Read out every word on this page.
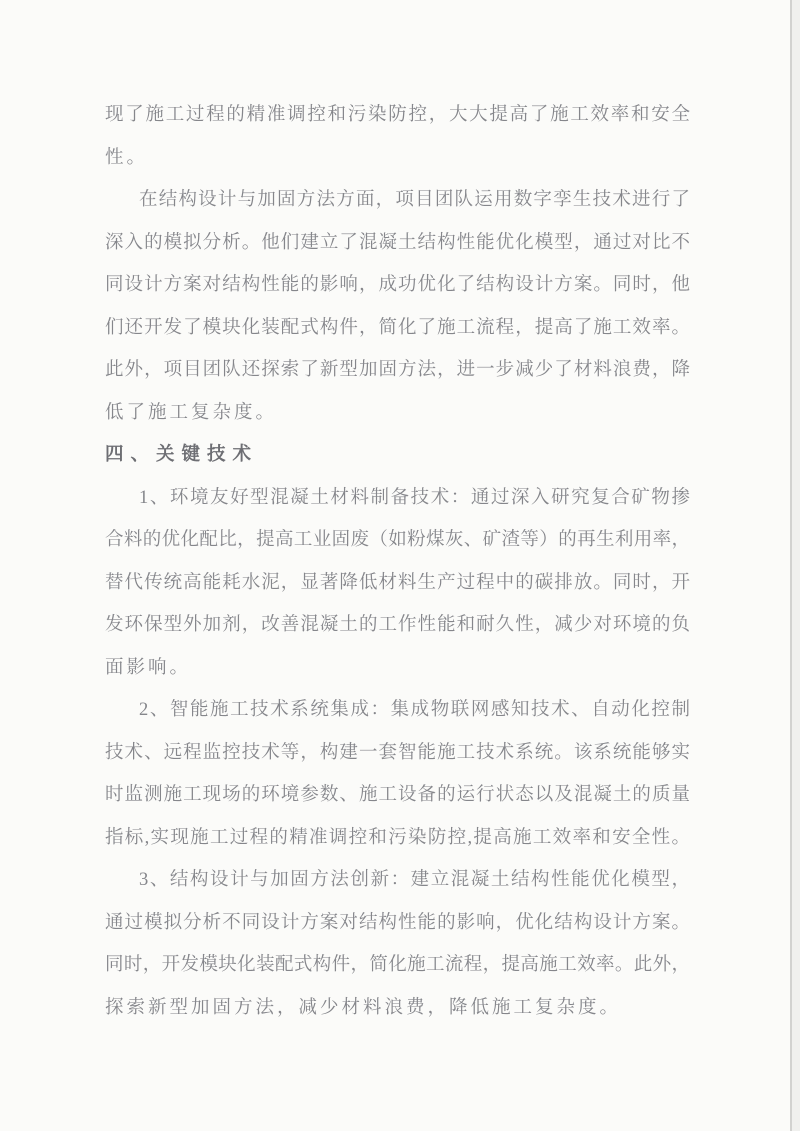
现了施工过程的精准调控和污染防控，大大提高了施工效率和安全
性。
在结构设计与加固方法方面，项目团队运用数字孪生技术进行了
深入的模拟分析。他们建立了混凝土结构性能优化模型，通过对比不
同设计方案对结构性能的影响，成功优化了结构设计方案。同时，他
们还开发了模块化装配式构件，简化了施工流程，提高了施工效率。
此外，项目团队还探索了新型加固方法，进一步减少了材料浪费，降
低了施工复杂度。
四、关键技术
1、环境友好型混凝土材料制备技术：通过深入研究复合矿物掺
合料的优化配比，提高工业固废（如粉煤灰、矿渣等）的再生利用率，
替代传统高能耗水泥，显著降低材料生产过程中的碳排放。同时，开
发环保型外加剂，改善混凝土的工作性能和耐久性，减少对环境的负
面影响。
2、智能施工技术系统集成：集成物联网感知技术、自动化控制
技术、远程监控技术等，构建一套智能施工技术系统。该系统能够实
时监测施工现场的环境参数、施工设备的运行状态以及混凝土的质量
指标,实现施工过程的精准调控和污染防控,提高施工效率和安全性。
3、结构设计与加固方法创新：建立混凝土结构性能优化模型，
通过模拟分析不同设计方案对结构性能的影响，优化结构设计方案。
同时，开发模块化装配式构件，简化施工流程，提高施工效率。此外，
探索新型加固方法，减少材料浪费，降低施工复杂度。
